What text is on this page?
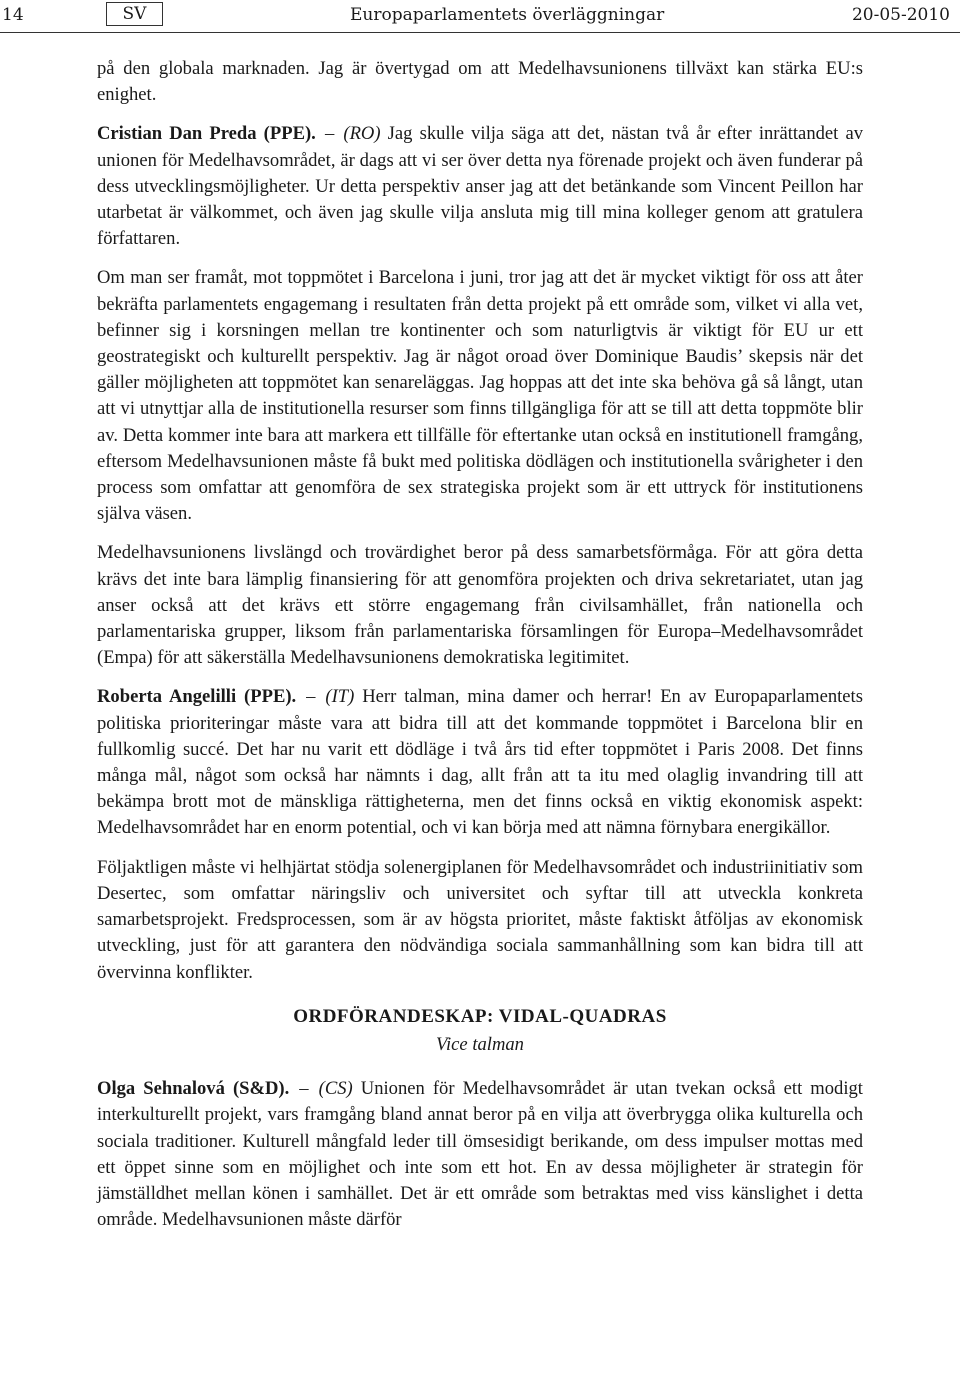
14	SV	Europaparlamentets överläggningar	20-05-2010

på den globala marknaden. Jag är övertygad om att Medelhavsunionens tillväxt kan stärka EU:s enighet.

Cristian Dan Preda (PPE). – (RO) Jag skulle vilja säga att det, nästan två år efter inrättandet av unionen för Medelhavsområdet, är dags att vi ser över detta nya förenade projekt och även funderar på dess utvecklingsmöjligheter. Ur detta perspektiv anser jag att det betänkande som Vincent Peillon har utarbetat är välkommet, och även jag skulle vilja ansluta mig till mina kolleger genom att gratulera författaren.

Om man ser framåt, mot toppmötet i Barcelona i juni, tror jag att det är mycket viktigt för oss att åter bekräfta parlamentets engagemang i resultaten från detta projekt på ett område som, vilket vi alla vet, befinner sig i korsningen mellan tre kontinenter och som naturligtvis är viktigt för EU ur ett geostrategiskt och kulturellt perspektiv. Jag är något oroad över Dominique Baudis’ skepsis när det gäller möjligheten att toppmötet kan senareläggas. Jag hoppas att det inte ska behöva gå så långt, utan att vi utnyttjar alla de institutionella resurser som finns tillgängliga för att se till att detta toppmöte blir av. Detta kommer inte bara att markera ett tillfälle för eftertanke utan också en institutionell framgång, eftersom Medelhavsunionen måste få bukt med politiska dödlägen och institutionella svårigheter i den process som omfattar att genomföra de sex strategiska projekt som är ett uttryck för institutionens själva väsen.

Medelhavsunionens livslängd och trovärdighet beror på dess samarbetsförmåga. För att göra detta krävs det inte bara lämplig finansiering för att genomföra projekten och driva sekretariatet, utan jag anser också att det krävs ett större engagemang från civilsamhället, från nationella och parlamentariska grupper, liksom från parlamentariska församlingen för Europa–Medelhavsområdet (Empa) för att säkerställa Medelhavsunionens demokratiska legitimitet.

Roberta Angelilli (PPE). – (IT) Herr talman, mina damer och herrar! En av Europaparlamentets politiska prioriteringar måste vara att bidra till att det kommande toppmötet i Barcelona blir en fullkomlig succé. Det har nu varit ett dödläge i två års tid efter toppmötet i Paris 2008. Det finns många mål, något som också har nämnts i dag, allt från att ta itu med olaglig invandring till att bekämpa brott mot de mänskliga rättigheterna, men det finns också en viktig ekonomisk aspekt: Medelhavsområdet har en enorm potential, och vi kan börja med att nämna förnybara energikällor.

Följaktligen måste vi helhjärtat stödja solenergiplanen för Medelhavsområdet och industriinitiativ som Desertec, som omfattar näringsliv och universitet och syftar till att utveckla konkreta samarbetsprojekt. Fredsprocessen, som är av högsta prioritet, måste faktiskt åtföljas av ekonomisk utveckling, just för att garantera den nödvändiga sociala sammanhållning som kan bidra till att övervinna konflikter.

ORDFÖRANDESKAP: VIDAL-QUADRAS
Vice talman

Olga Sehnalová (S&D). – (CS) Unionen för Medelhavsområdet är utan tvekan också ett modigt interkulturellt projekt, vars framgång bland annat beror på en vilja att överbrygga olika kulturella och sociala traditioner. Kulturell mångfald leder till ömsesidigt berikande, om dess impulser mottas med ett öppet sinne som en möjlighet och inte som ett hot. En av dessa möjligheter är strategin för jämställdhet mellan könen i samhället. Det är ett område som betraktas med viss känslighet i detta område. Medelhavsunionen måste därför
